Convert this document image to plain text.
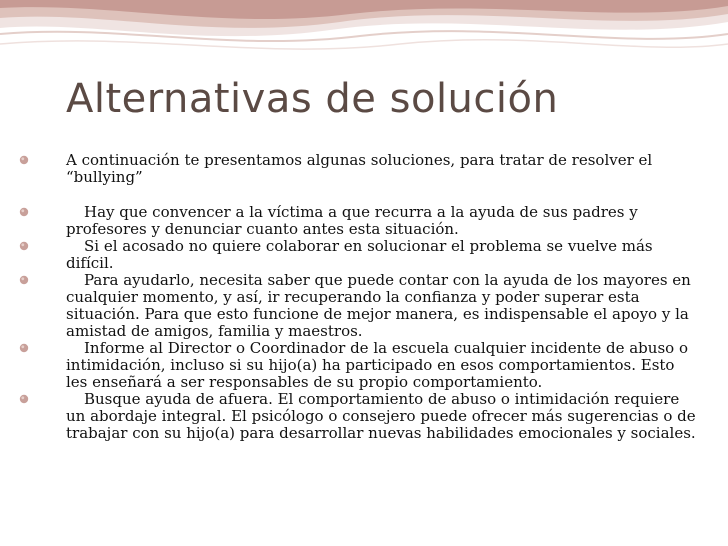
Alternativas de solución
A continuación te presentamos algunas soluciones, para tratar de resolver el “bullying”
Hay que convencer a la víctima a que recurra a la ayuda de sus padres y profesores y denunciar cuanto antes esta situación.
Si el acosado no quiere colaborar en solucionar el problema se vuelve más difícil.
Para ayudarlo, necesita saber que puede contar con la ayuda de los mayores en cualquier momento, y así, ir recuperando la confianza y poder superar esta situación. Para que esto funcione de mejor manera, es indispensable el apoyo y la amistad de amigos, familia y maestros.
Informe al Director o Coordinador de la escuela cualquier incidente de abuso o intimidación, incluso si su hijo(a) ha participado en esos comportamientos. Esto les enseñará a ser responsables de su propio comportamiento.
Busque ayuda de afuera. El comportamiento de abuso o intimidación requiere un abordaje integral. El psicólogo o consejero puede ofrecer más sugerencias o de trabajar con su hijo(a) para desarrollar nuevas habilidades emocionales y sociales.
